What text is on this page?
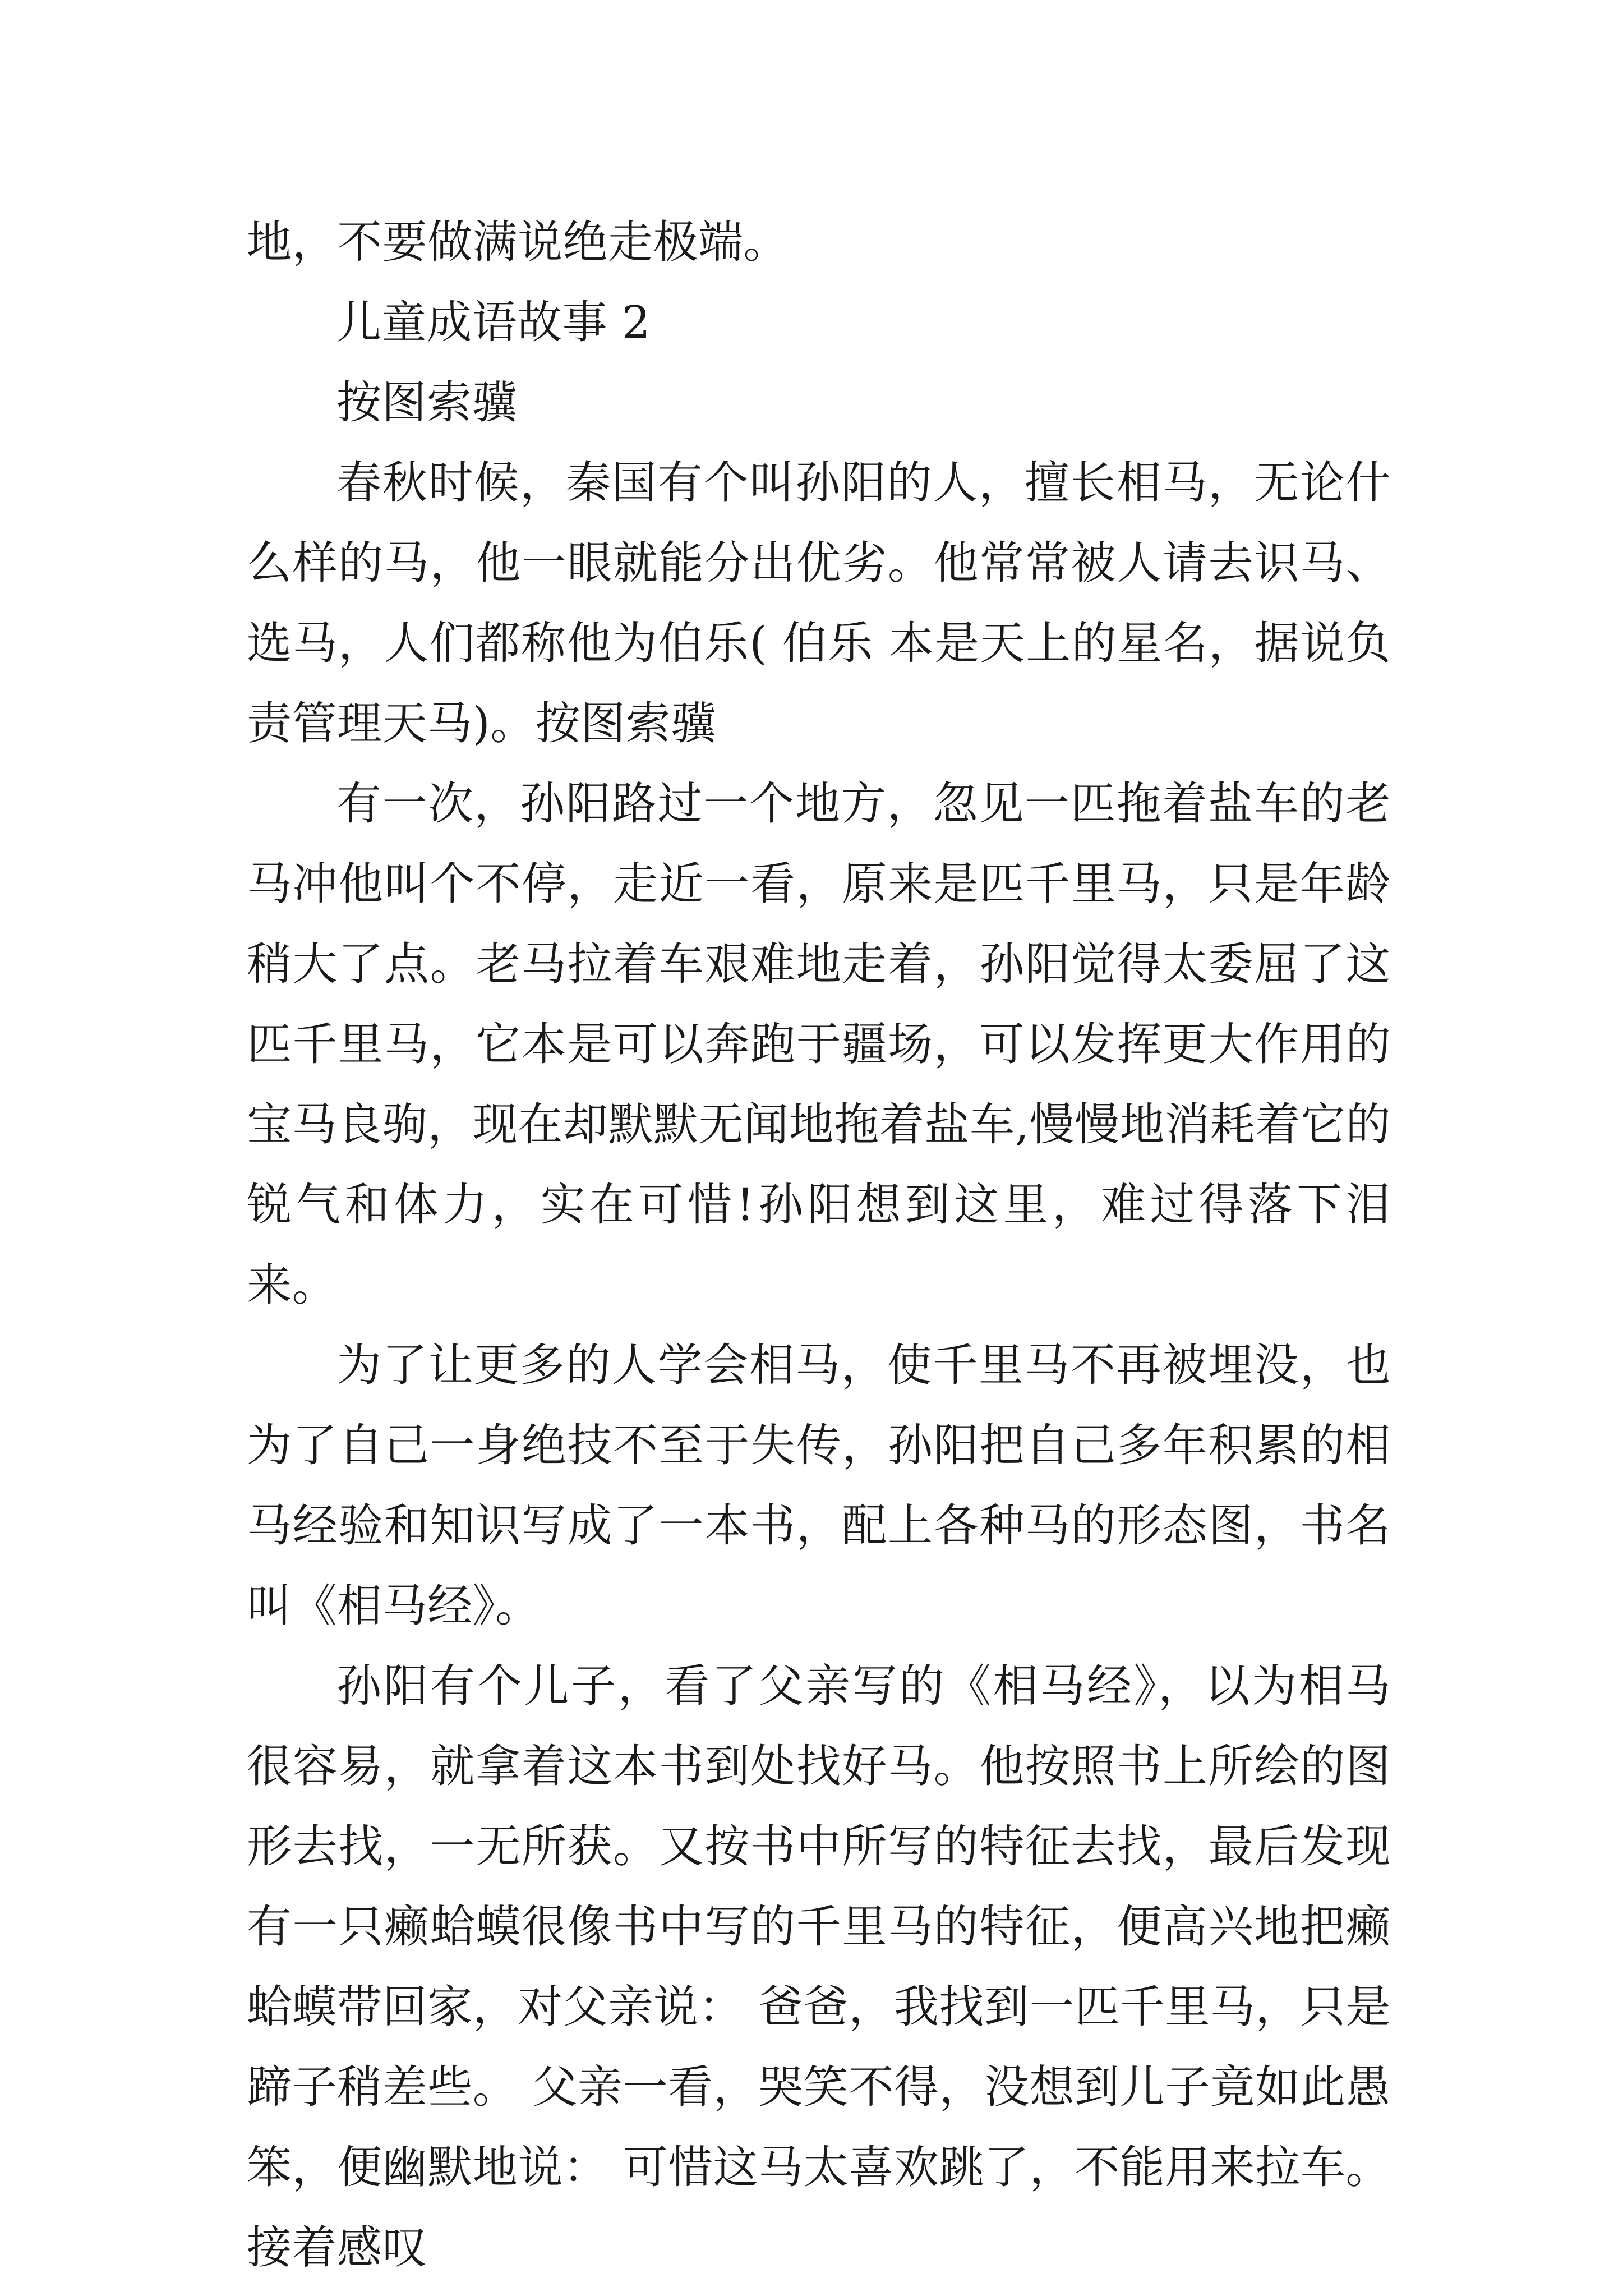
地，不要做满说绝走极端。

儿童成语故事 2

按图索骥

春秋时候，秦国有个叫孙阳的人，擅长相马，无论什么样的马，他一眼就能分出优劣。他常常被人请去识马、选马，人们都称他为伯乐( 伯乐 本是天上的星名，据说负责管理天马)。按图索骥

有一次，孙阳路过一个地方，忽见一匹拖着盐车的老马冲他叫个不停，走近一看，原来是匹千里马，只是年龄稍大了点。老马拉着车艰难地走着，孙阳觉得太委屈了这匹千里马，它本是可以奔跑于疆场，可以发挥更大作用的宝马良驹，现在却默默无闻地拖着盐车,慢慢地消耗着它的锐气和体力，实在可惜!孙阳想到这里，难过得落下泪来。

为了让更多的人学会相马，使千里马不再被埋没，也为了自己一身绝技不至于失传，孙阳把自己多年积累的相马经验和知识写成了一本书，配上各种马的形态图，书名叫《相马经》。

孙阳有个儿子，看了父亲写的《相马经》，以为相马很容易，就拿着这本书到处找好马。他按照书上所绘的图形去找，一无所获。又按书中所写的特征去找，最后发现有一只癞蛤蟆很像书中写的千里马的特征，便高兴地把癞蛤蟆带回家，对父亲说： 爸爸，我找到一匹千里马，只是蹄子稍差些。 父亲一看，哭笑不得，没想到儿子竟如此愚笨，便幽默地说： 可惜这马太喜欢跳了，不能用来拉车。 接着感叹
